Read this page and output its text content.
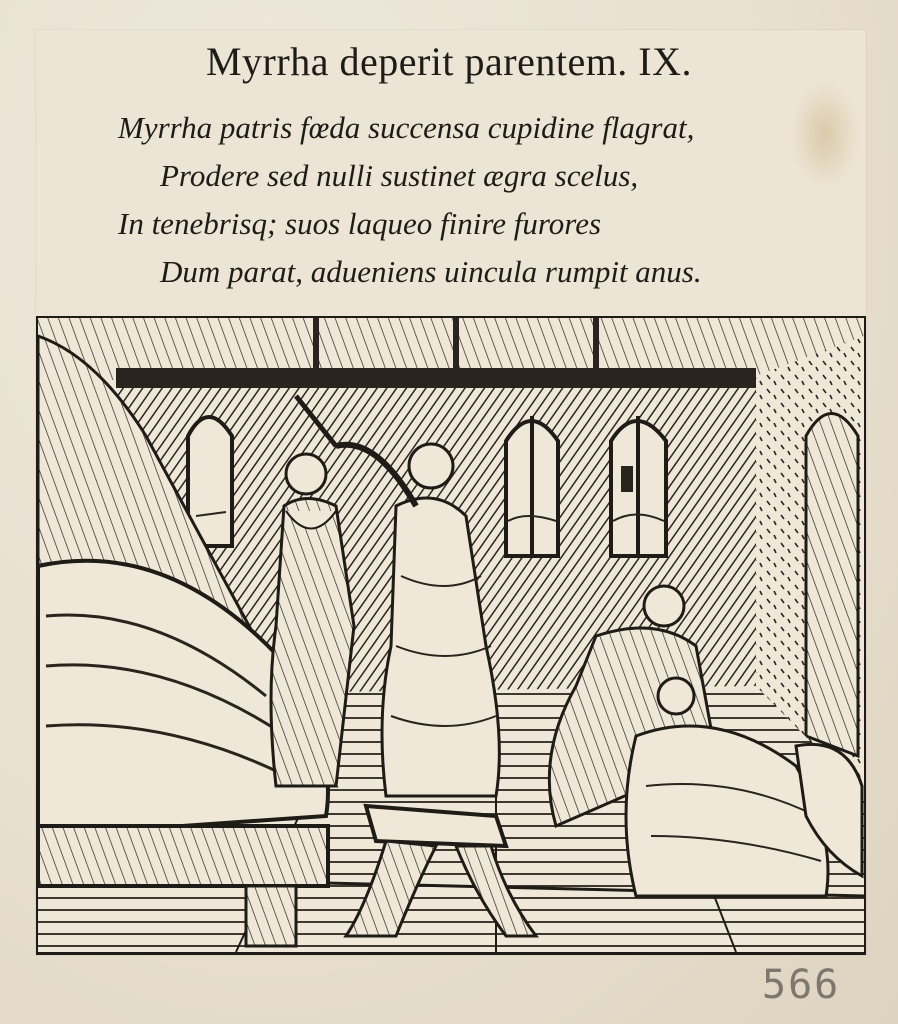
Myrrha deperit parentem. IX.
Myrrha patris fœda succensa cupidine flagrat,
Prodere sed nulli sustinet ægra scelus,
In tenebrisq; suos laqueo finire furores
Dum parat, adueniens uincula rumpit anus.
566
